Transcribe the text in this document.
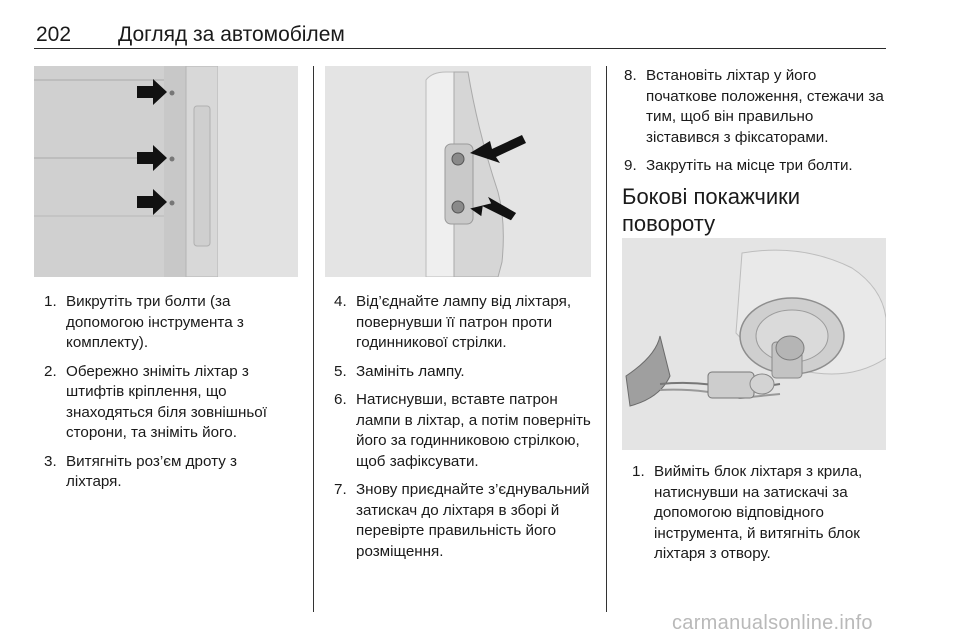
202 Догляд за автомобілем
1. Викрутіть три болти (за допомогою інструмента з комплекту).
2. Обережно зніміть ліхтар з штифтів кріплення, що знаходяться біля зовнішньої сторони, та зніміть його.
3. Витягніть роз’єм дроту з ліхтаря.
4. Від’єднайте лампу від ліхтаря, повернувши її патрон проти годинникової стрілки.
5. Замініть лампу.
6. Натиснувши, вставте патрон лампи в ліхтар, а потім поверніть його за годинниковою стрілкою, щоб зафіксувати.
7. Знову приєднайте з’єднувальний затискач до ліхтаря в зборі й перевірте правильність його розміщення.
8. Встановіть ліхтар у його початкове положення, стежачи за тим, щоб він правильно зіставився з фіксаторами.
9. Закрутіть на місце три болти.
Бокові покажчики повороту
1. Вийміть блок ліхтаря з крила, натиснувши на затискачі за допомогою відповідного інструмента, й витягніть блок ліхтаря з отвору.
carmanualsonline.info
